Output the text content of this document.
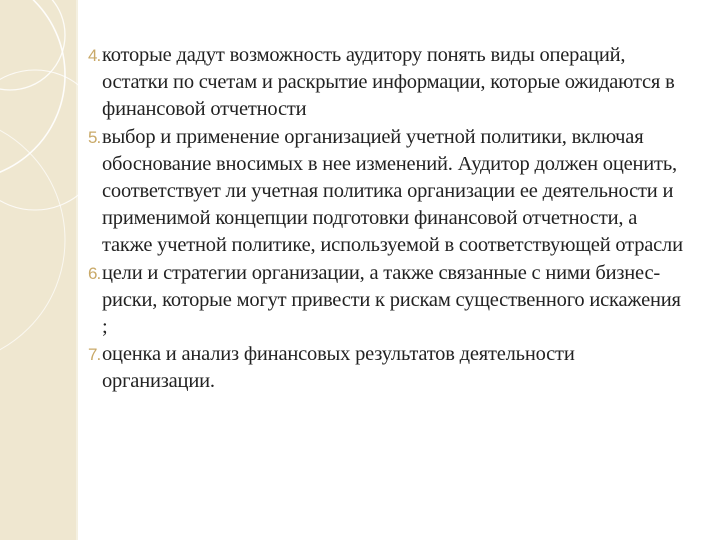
4. которые дадут возможность аудитору понять виды операций, остатки по счетам и раскрытие информации, которые ожидаются в финансовой отчетности
5. выбор и применение организацией учетной политики, включая обоснование вносимых в нее изменений. Аудитор должен оценить, соответствует ли учетная политика организации ее деятельности и применимой концепции подготовки финансовой отчетности, а также учетной политике, используемой в соответствующей отрасли
6. цели и стратегии организации, а также связанные с ними бизнес-риски, которые могут привести к рискам существенного искажения ;
7. оценка и анализ финансовых результатов деятельности организации.
